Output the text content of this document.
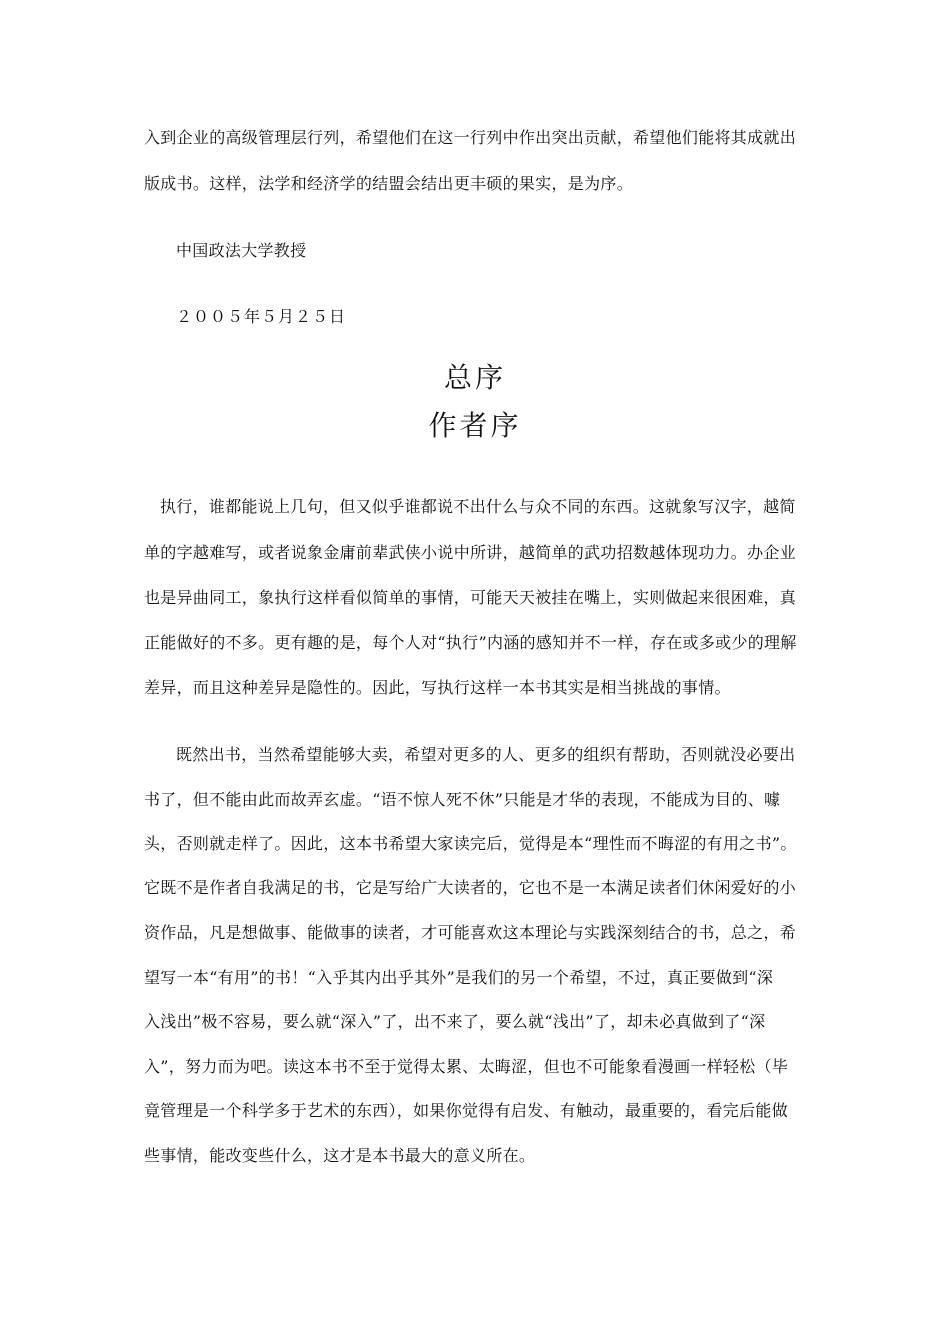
入到企业的高级管理层行列，希望他们在这一行列中作出突出贡献，希望他们能将其成就出
版成书。这样，法学和经济学的结盟会结出更丰硕的果实，是为序。
中国政法大学教授
２００５年５月２５日
总序
作者序
执行，谁都能说上几句，但又似乎谁都说不出什么与众不同的东西。这就象写汉字，越简
单的字越难写，或者说象金庸前辈武侠小说中所讲，越简单的武功招数越体现功力。办企业
也是异曲同工，象执行这样看似简单的事情，可能天天被挂在嘴上，实则做起来很困难，真
正能做好的不多。更有趣的是，每个人对“执行”内涵的感知并不一样，存在或多或少的理解
差异，而且这种差异是隐性的。因此，写执行这样一本书其实是相当挑战的事情。
既然出书，当然希望能够大卖，希望对更多的人、更多的组织有帮助，否则就没必要出
书了，但不能由此而故弄玄虚。“语不惊人死不休”只能是才华的表现，不能成为目的、噱
头，否则就走样了。因此，这本书希望大家读完后，觉得是本“理性而不晦涩的有用之书”。
它既不是作者自我满足的书，它是写给广大读者的，它也不是一本满足读者们休闲爱好的小
资作品，凡是想做事、能做事的读者，才可能喜欢这本理论与实践深刻结合的书，总之，希
望写一本“有用”的书！“入乎其内出乎其外”是我们的另一个希望，不过，真正要做到“深
入浅出”极不容易，要么就“深入”了，出不来了，要么就“浅出”了，却未必真做到了“深
入”，努力而为吧。读这本书不至于觉得太累、太晦涩，但也不可能象看漫画一样轻松（毕
竟管理是一个科学多于艺术的东西），如果你觉得有启发、有触动，最重要的，看完后能做
些事情，能改变些什么，这才是本书最大的意义所在。
